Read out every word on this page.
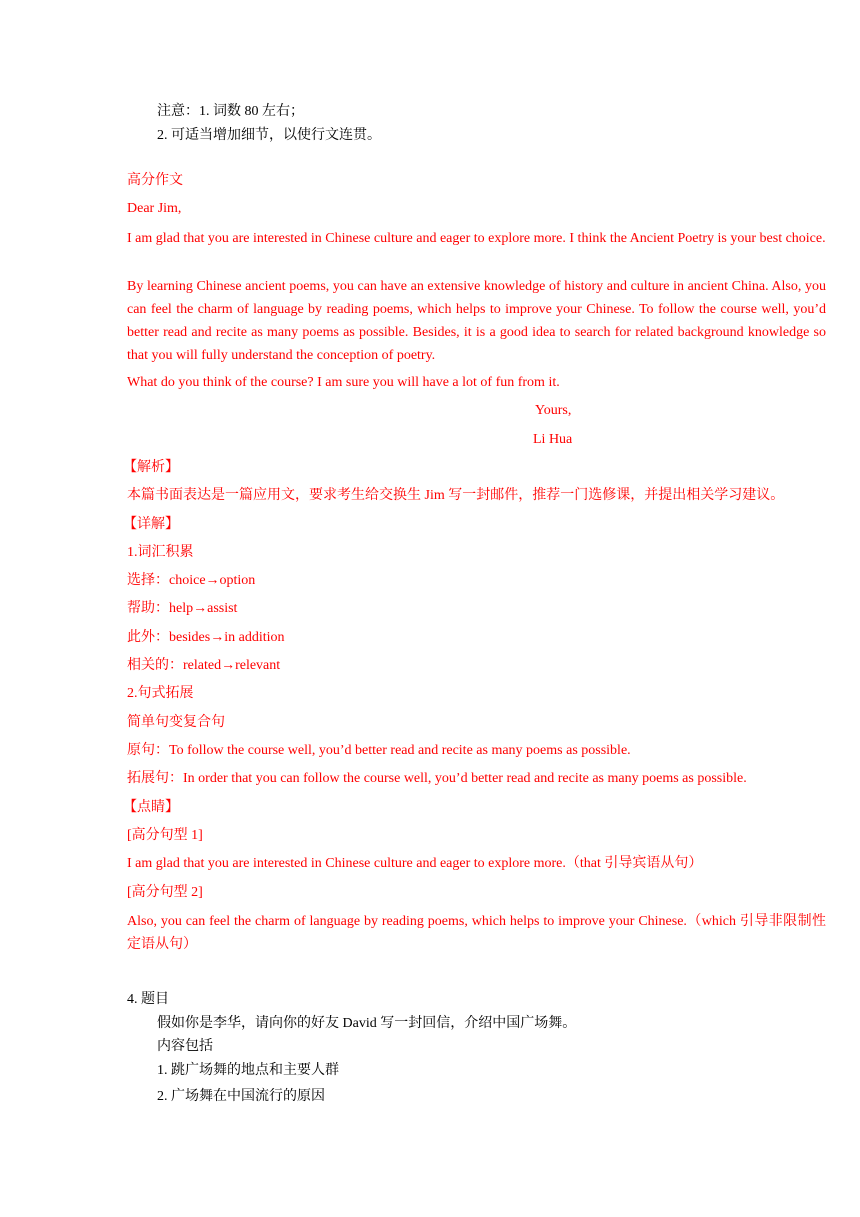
注意：1. 词数 80 左右；
2. 可适当增加细节，以使行文连贯。
高分作文
Dear Jim,
I am glad that you are interested in Chinese culture and eager to explore more. I think the Ancient Poetry is your best choice.
By learning Chinese ancient poems, you can have an extensive knowledge of history and culture in ancient China. Also, you can feel the charm of language by reading poems, which helps to improve your Chinese. To follow the course well, you’d better read and recite as many poems as possible. Besides, it is a good idea to search for related background knowledge so that you will fully understand the conception of poetry.
What do you think of the course? I am sure you will have a lot of fun from it.
Yours,
Li Hua
【解析】
本篇书面表达是一篇应用文，要求考生给交换生 Jim 写一封邮件，推荐一门选修课，并提出相关学习建议。
【详解】
1.词汇积累
选择：choice→option
帮助：help→assist
此外：besides→in addition
相关的：related→relevant
2.句式拓展
简单句变复合句
原句：To follow the course well, you’d better read and recite as many poems as possible.
拓展句：In order that you can follow the course well, you’d better read and recite as many poems as possible.
【点睛】
[高分句型 1]
I am glad that you are interested in Chinese culture and eager to explore more.（that 引导宾语从句）
[高分句型 2]
Also, you can feel the charm of language by reading poems, which helps to improve your Chinese.（which 引导非限制性定语从句）
4. 题目
假如你是李华，请向你的好友 David 写一封回信，介绍中国广场舞。
内容包括
1. 跳广场舞的地点和主要人群
2. 广场舞在中国流行的原因
